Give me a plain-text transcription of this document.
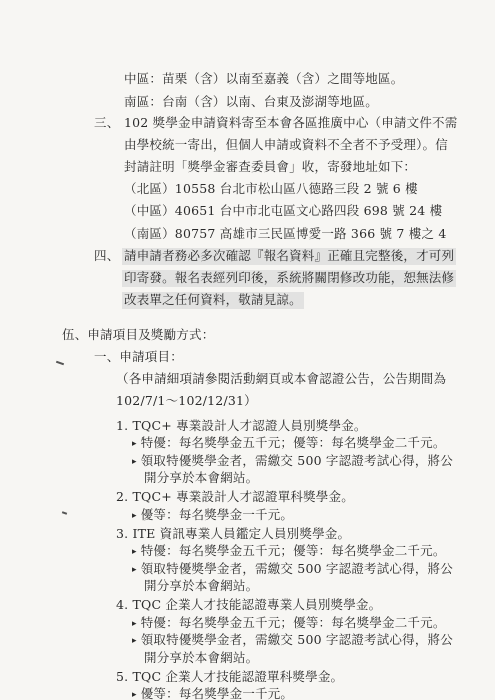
中區：苗栗（含）以南至嘉義（含）之間等地區。
南區：台南（含）以南、台東及澎湖等地區。
三、 102 獎學金申請資料寄至本會各區推廣中心（申請文件不需
由學校統一寄出，但個人申請或資料不全者不予受理）。信
封請註明「獎學金審查委員會」收，寄發地址如下：
（北區）10558 台北市松山區八德路三段 2 號 6 樓
（中區）40651 台中市北屯區文心路四段 698 號 24 樓
（南區）80757 高雄市三民區博愛一路 366 號 7 樓之 4
四、 請申請者務必多次確認『報名資料』正確且完整後，才可列
印寄發。報名表經列印後，系統將關閉修改功能，恕無法修
改表單之任何資料，敬請見諒。
伍、申請項目及獎勵方式：
一、申請項目：
（各申請細項請參閱活動網頁或本會認證公告，公告期間為
102/7/1～102/12/31）
1. TQC+ 專業設計人才認證人員別獎學金。
▸ 特優：每名獎學金五千元；優等：每名獎學金二千元。
▸ 領取特優獎學金者，需繳交 500 字認證考試心得，將公
開分享於本會網站。
2. TQC+ 專業設計人才認證單科獎學金。
▸ 優等：每名獎學金一千元。
3. ITE 資訊專業人員鑑定人員別獎學金。
▸ 特優：每名獎學金五千元；優等：每名獎學金二千元。
▸ 領取特優獎學金者，需繳交 500 字認證考試心得，將公
開分享於本會網站。
4. TQC 企業人才技能認證專業人員別獎學金。
▸ 特優：每名獎學金五千元；優等：每名獎學金二千元。
▸ 領取特優獎學金者，需繳交 500 字認證考試心得，將公
開分享於本會網站。
5. TQC 企業人才技能認證單科獎學金。
▸ 優等：每名獎學金一千元。
